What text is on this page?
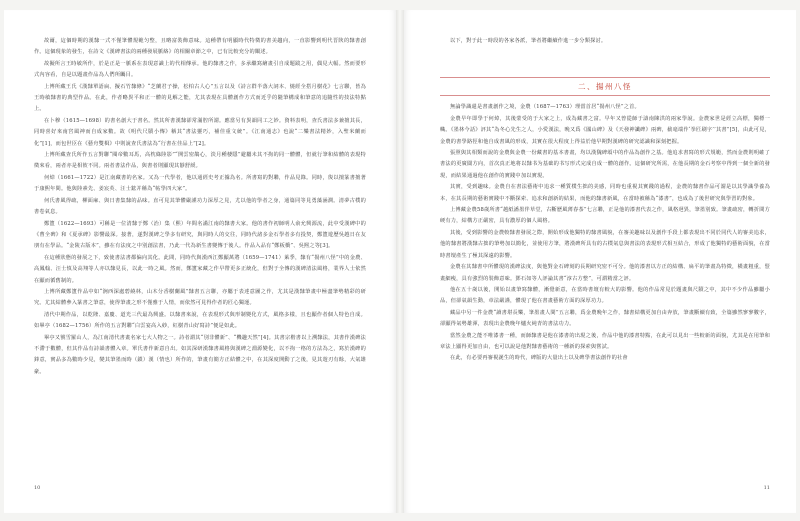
故爾，這個時期的漢隸一式不僅筆體規範匀整，且略富裝飾意味。這種帶有明顯時代特徵的書美趨向，一直影響到明代晋陝的隸書創作。這個現象的發生，在詩文《漢碑書法的兩種發展脈絡》的相關章節之中，已有比較充分的闡述。

故擬所言王時敏所作，於是正是一脈系在表現意識上的代相傳承。他的隸書之作，多承繼寫繪畫引自成題跋之用，偶見大幅。然而要形式內容看，自是以題畫作品為人們所矚目。

上博所藏王氏《漢隸單語扁、擬石竹隸條》“芝蘭君子操，松柏古人心”五言以及《詩言群半落大詞本、燒經全搭月樹花》七言聯，皆為王時敏隸書的典型作品。在此，作者略異平和正一體的見解之能，尤其表現在具體創作方式而近乎的隨筆構成和筆意的追隨性的技法特點上。

在卜穆（1615—1698）的書名創大于書名。然其所書漢隸卻常滿腔所謂。應當另有異韻同工之妙。資料表明，查氏書法多兼擅其長，同時喜好來南宮風神而自成家數。故《明代尺牘小傳》稱其“書法靈巧，補佳重文統”。《江南通志》也說“二樂書法精妙，入聖米蘭而化”[1]，而包世臣在《藝舟雙楫》中則說查氏書法為“行書在佳品上”[2]。

上博所藏查氏所作五言對聯“閱帝數耳馬，高枕綠陸影”“開雲密鵲心，淡月種棲隱”避屬未其不拘的同一體體，但就行筆和結體的表現特徵來看，兩者亦是相彼不同。兩者書法作品，與書者則顯現其靜舒緩。

何焯（1661—1722）是江南藏書的名家。又為一代學者，他以通經史考正據為名。所書寫的對聯，作品見錄。同時，復以擅篆書擅著于康熙年間。他與陸素先、姜宸英、汪士鋐并稱為“帖學四大家”。

何氏書風得疏，柳面麻、與日書集隸的品味。直可見其筆體嚴謹功力深厚之見，尤以他的學者之身，通篇同等見勇藻涵潤。清夢古樸的書卷氣息。

鄭簠（1622—1693）可稱是一位清隸于鄭（治）集（熙）年間名滿江南的隸書大家。他的書作初師明人俞允興源流，此中受漢碑中的《曹全碑》和《夏承碑》影響最深。接著，遂對漢碑之學多有研究，與同時人的交往，同時代諸多金石學者多有投契，鄭簠遊歷吳越日在友朋有在學品。“金陵古版本”，雖在有法度之中別創法書，乃此一代為新生書變傳于後人。作品入品有“鄭板橋”、吳熙之等[3]。

在這種狀態的發展之下，致使書法書都偏向其化。此間，同時代與漢西江鄭顯萬將（1659—1741）萊季，隸有“揚州八怪”中的金農、高鳳翰、汪士慎及高翔等人亦以隸見長，以此一時之風。然而，鄭簠家藏之作早帶更多正統化，但對于全傳的漢碑清法風格，業界人士依然在顯而循舊制的。

上博所藏鄭簠作品中如“涧西深處碧繞林，山木分香樹蘭風”隸書五言聯，亦屬于表達意圖之作，尤其是漢隸筆畫中極盡筆勢精彩的研究。尤其結體參入篆書之筆意，使得筆畫之形不僅雅于人情，而依然可見得作者的匠心獨運。

清代中期作品，以乾隆、嘉慶、道光三代最為興盛。以隸書來說，在表現形式與形制變化方式，風格多樣，且也顯作者個人特色自成。如畢亭（1682—1756）所作的五言對聯“白雲宴高入紗，紅樹青山好寫詩”便是如此。

畢亭又號雪羅山人，為江南清代書畫名家七大人物之一。詩者謂其“別非體新”、“機趣天然”[4]。其書宗楷書以上溯隸法，其書作漢碑法不滯于數體，但其作品有詩韻書體入章。單氏書作新意自出。如其深研漢隸書風格與漢碑之淵源變化，以不拘一格的方法為之，寫於漢碑的鋒意，實品多為數時少見，變其筆墨而時（鎖）漢（情也）所作的，筆畫有簡方正結體之中，在其深度開動了之後，見其遊刃有餘，大氣雄豪。

10

以下，對于此一時段的各家各派，筆者將繼續作進一步分類探討。

二、揚州八怪

無論學識還是書畫創作之境，金農（1687—1763）理當首居“揚州八怪”之首。

金農早年即學于何焯，其後蒙受的于大家之上，成為藏書之富。早年又曾從師于濤南陳洪的兩家學說。金農家世是經立高標，獨標一幟。《墨林今話》評其“為冬心先生之人，小愛漢法，晚又爲《國山碑》及《天發神讖碑》兩碑，截毫端作‘拳匠刷字’’其書”[5]，由此可見，金農的書學路徑和他自成書風的形成，其實在很大程度上得益於他早期對漢碑的研究認識和深刻把握。

張照與其相類而說的金農與金農一份藏書的基本書畫，均以漢魏碑頌中的作品為創作之基。他追求書寫的形式規範，然而金農則明確了書法的更廣闊方向，首次真正地将以隸书为基础的书写形式完成自成一體的創作。這個研究所需，在他長期的金石考察中得到一個全新的發現，而結果通過他在創作的實踐中加以實現。

其實，受到趣味。金農自在書法藝術中追求一種質樸生拙的美感，同時也重視其實踐的過程，金農的隸書作品可謂是以其學識學養為本，在其長期的藝術實踐中不斷探索、追求和創新的結果，而他的隸書新風，在當時被稱為“漆書”，也成為了後世研究與學習的對象。

上博藏金農58歲所書“越紙潘墨伴草堂，古斷歷風薄春茶”七言聯，正是他的漆書代表之作，風格迥異，筆墨別致。筆畫疏密，轉折間方硬有力，結構方正嚴密，具有濃厚的個人風格。

其後，受到影響的金農較隸書發展之際，開始形成他獨特的隸書風貌，在審美趣味以及創作手段上都表現出不同於同代人的審美追求，他的隸書將漢隸古拙的筆勢加以簡化，並使用方筆，將漢碑所具有的古樸氣息與書法的表現形式相互結合，形成了他獨特的藝術面貌，在當時書壇產生了極其深遠的影響。

金農在其隸書中所體現的漢碑法度，與他對金石碑刻的長期研究密不可分。他的漆書以方正的結構、扁平的筆畫為特徵，橫畫粗重，豎畫細瘦，具有強烈的裝飾意味。鄧石如等人評論其書“淳古方整”，可謂精當之評。

他在五十歲以後，開始以畫筆寫隸體，漸覺新意，在當時書壇有較大的影響。他的作品常見於題畫與尺牘之中，其中不少作品雖屬小品，但卻氣韻生動，章法嚴謹，體現了他在書畫藝術方面的深厚功力。

藏品中另一件金農“讀書堪長樂，筆墨畫人間”五言聯，爲金農晚年之作，隸書結構更加自由奔放，筆畫斷續有致，全篇雖然寥寥數字，卻顯得氣勢雄渾，表現出金農晚年爐火純青的書法功力。

當然金農之能不唯漆書一種，而師隸書是他在漆書的出現之後，作品中他的漆書特點，在此可以見出一些較新的面貌，尤其是在用筆和章法上顯得更加自由，也可以說是他對隸書藝術的一種新的探索與嘗試。

在此，有必要再審視誕生的時代，碑版的大量出土以及碑學書法創作的社會

11
